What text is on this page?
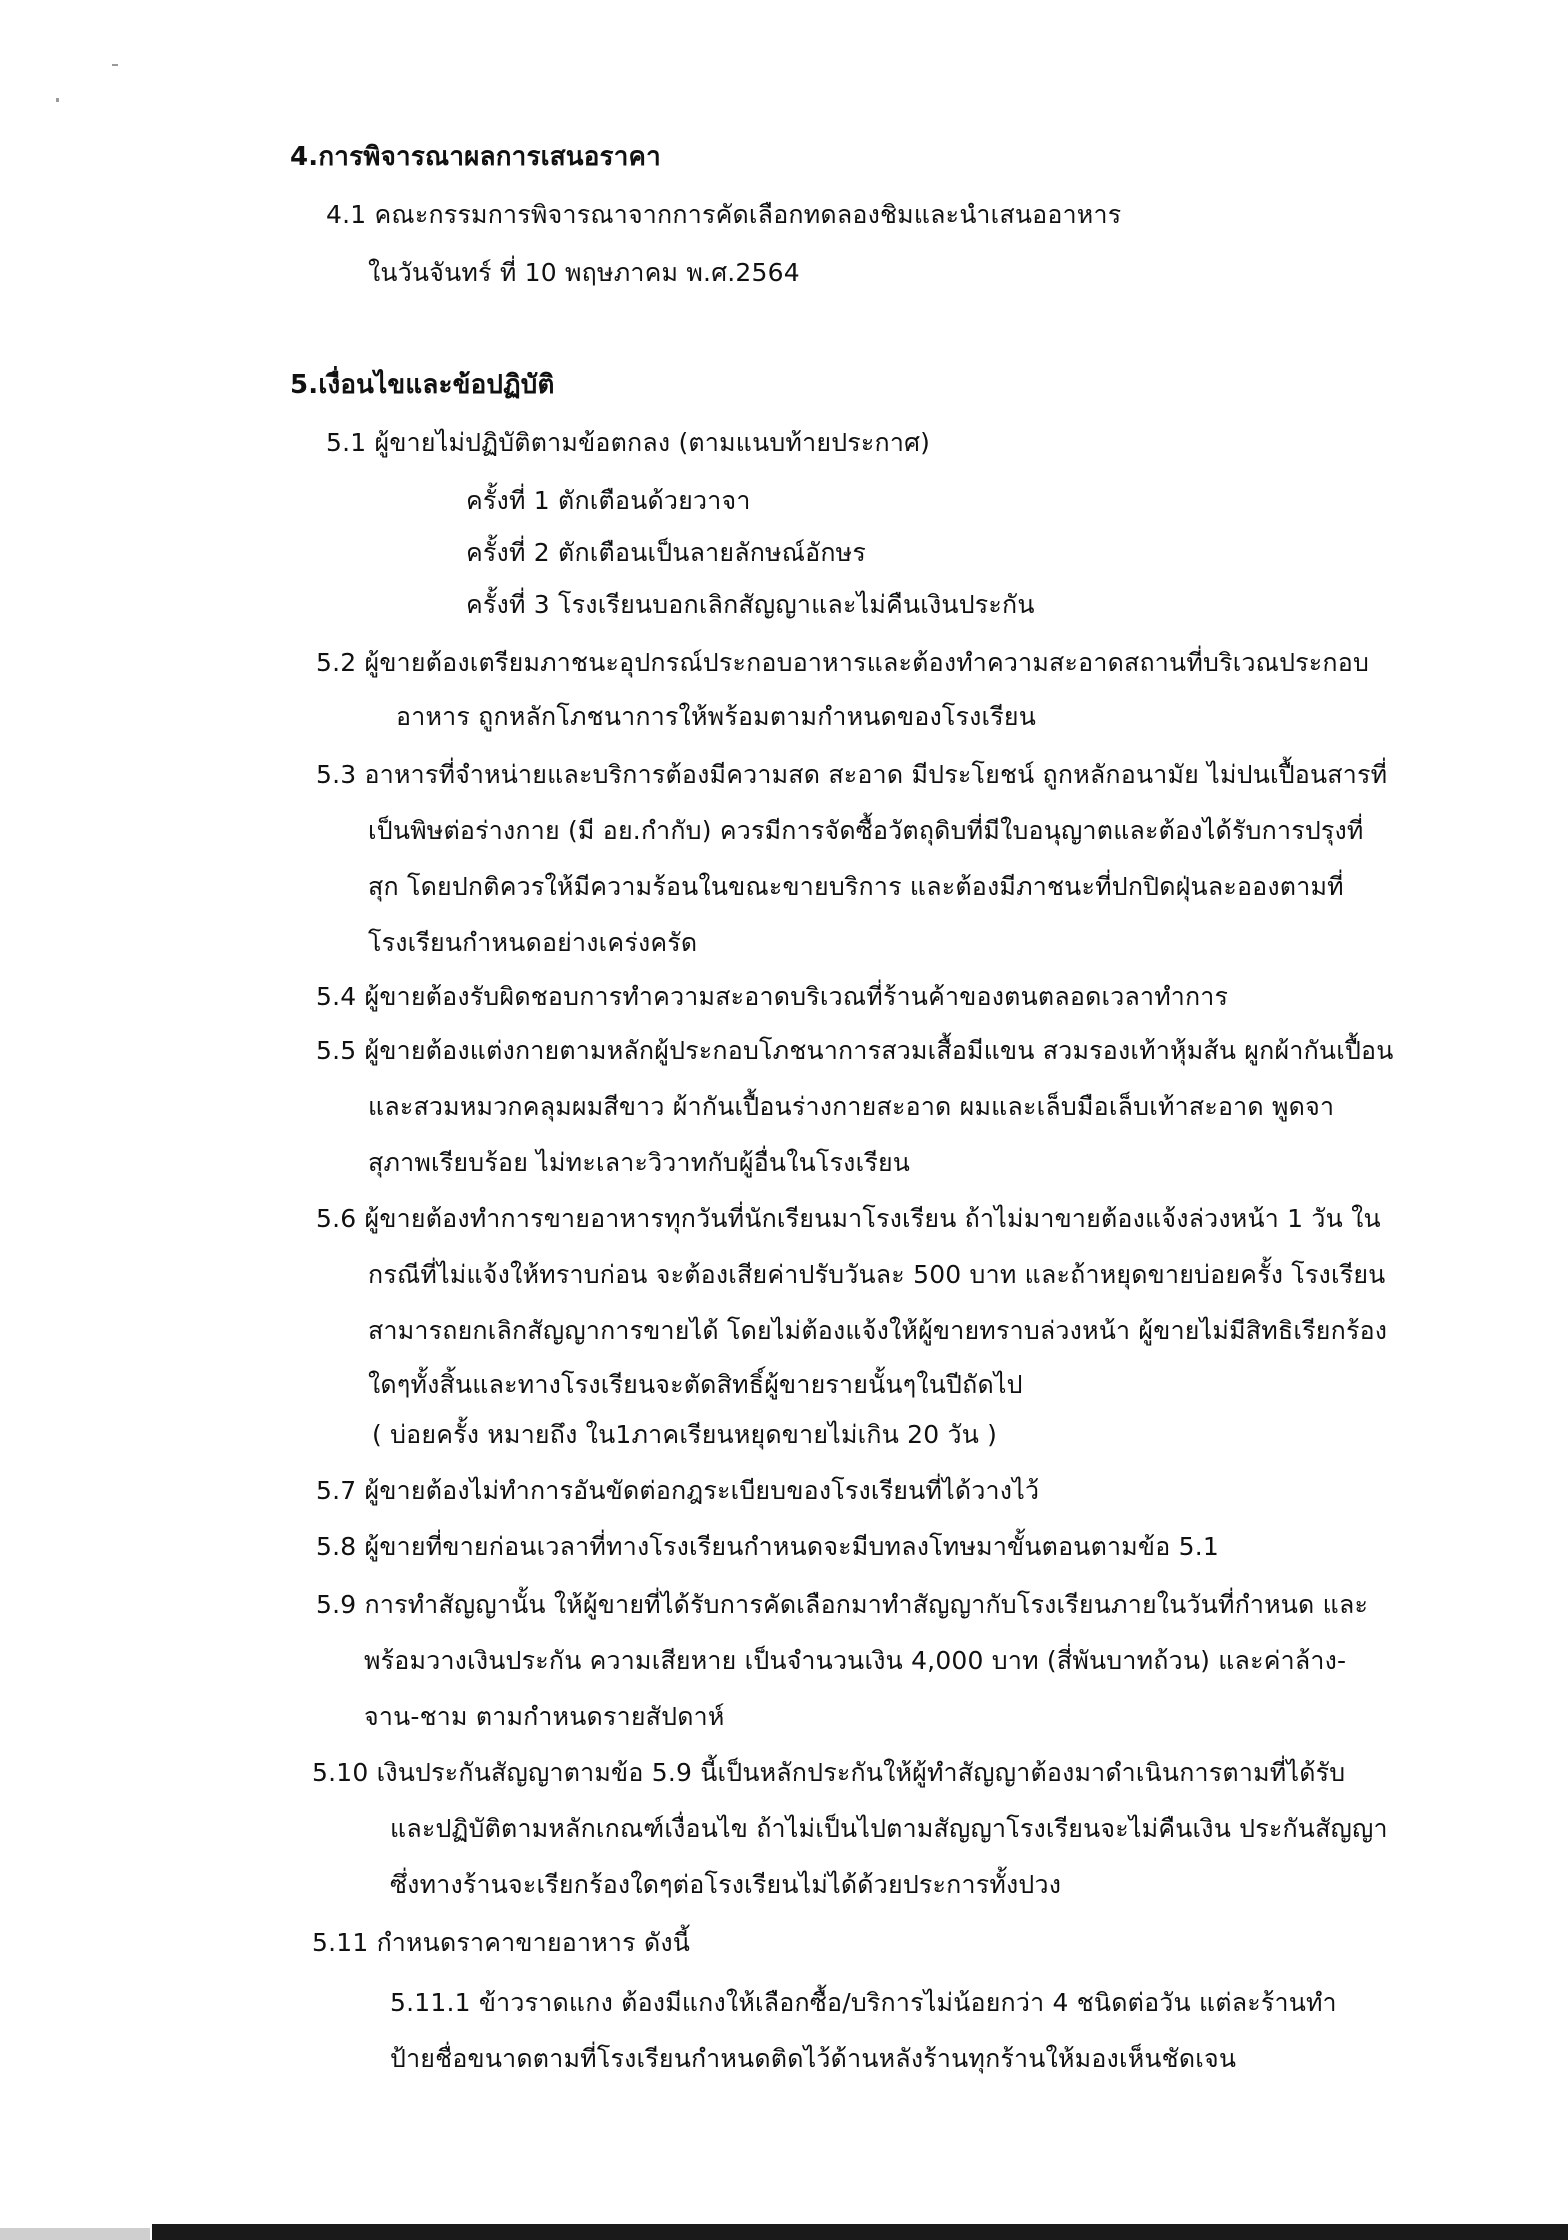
4.การพิจารณาผลการเสนอราคา
4.1 คณะกรรมการพิจารณาจากการคัดเลือกทดลองชิมและนำเสนออาหาร
ในวันจันทร์ ที่ 10 พฤษภาคม พ.ศ.2564
5.เงื่อนไขและข้อปฏิบัติ
5.1 ผู้ขายไม่ปฏิบัติตามข้อตกลง (ตามแนบท้ายประกาศ)
ครั้งที่ 1 ตักเตือนด้วยวาจา
ครั้งที่ 2 ตักเตือนเป็นลายลักษณ์อักษร
ครั้งที่ 3 โรงเรียนบอกเลิกสัญญาและไม่คืนเงินประกัน
5.2 ผู้ขายต้องเตรียมภาชนะอุปกรณ์ประกอบอาหารและต้องทำความสะอาดสถานที่บริเวณประกอบ
อาหาร ถูกหลักโภชนาการให้พร้อมตามกำหนดของโรงเรียน
5.3 อาหารที่จำหน่ายและบริการต้องมีความสด สะอาด มีประโยชน์ ถูกหลักอนามัย ไม่ปนเปื้อนสารที่
เป็นพิษต่อร่างกาย (มี อย.กำกับ) ควรมีการจัดซื้อวัตถุดิบที่มีใบอนุญาตและต้องได้รับการปรุงที่
สุก โดยปกติควรให้มีความร้อนในขณะขายบริการ และต้องมีภาชนะที่ปกปิดฝุ่นละอองตามที่
โรงเรียนกำหนดอย่างเคร่งครัด
5.4 ผู้ขายต้องรับผิดชอบการทำความสะอาดบริเวณที่ร้านค้าของตนตลอดเวลาทำการ
5.5 ผู้ขายต้องแต่งกายตามหลักผู้ประกอบโภชนาการสวมเสื้อมีแขน สวมรองเท้าหุ้มส้น ผูกผ้ากันเปื้อน
และสวมหมวกคลุมผมสีขาว ผ้ากันเปื้อนร่างกายสะอาด ผมและเล็บมือเล็บเท้าสะอาด พูดจา
สุภาพเรียบร้อย ไม่ทะเลาะวิวาทกับผู้อื่นในโรงเรียน
5.6 ผู้ขายต้องทำการขายอาหารทุกวันที่นักเรียนมาโรงเรียน ถ้าไม่มาขายต้องแจ้งล่วงหน้า 1 วัน ใน
กรณีที่ไม่แจ้งให้ทราบก่อน จะต้องเสียค่าปรับวันละ 500 บาท และถ้าหยุดขายบ่อยครั้ง โรงเรียน
สามารถยกเลิกสัญญาการขายได้ โดยไม่ต้องแจ้งให้ผู้ขายทราบล่วงหน้า ผู้ขายไม่มีสิทธิเรียกร้อง
ใดๆทั้งสิ้นและทางโรงเรียนจะตัดสิทธิ์ผู้ขายรายนั้นๆในปีถัดไป
( บ่อยครั้ง หมายถึง ใน1ภาคเรียนหยุดขายไม่เกิน 20 วัน )
5.7 ผู้ขายต้องไม่ทำการอันขัดต่อกฎระเบียบของโรงเรียนที่ได้วางไว้
5.8 ผู้ขายที่ขายก่อนเวลาที่ทางโรงเรียนกำหนดจะมีบทลงโทษมาขั้นตอนตามข้อ 5.1
5.9 การทำสัญญานั้น ให้ผู้ขายที่ได้รับการคัดเลือกมาทำสัญญากับโรงเรียนภายในวันที่กำหนด และ
พร้อมวางเงินประกัน ความเสียหาย เป็นจำนวนเงิน 4,000 บาท (สี่พันบาทถ้วน) และค่าล้าง-
จาน-ชาม ตามกำหนดรายสัปดาห์
5.10 เงินประกันสัญญาตามข้อ 5.9 นี้เป็นหลักประกันให้ผู้ทำสัญญาต้องมาดำเนินการตามที่ได้รับ
และปฏิบัติตามหลักเกณฑ์เงื่อนไข ถ้าไม่เป็นไปตามสัญญาโรงเรียนจะไม่คืนเงิน ประกันสัญญา
ซึ่งทางร้านจะเรียกร้องใดๆต่อโรงเรียนไม่ได้ด้วยประการทั้งปวง
5.11 กำหนดราคาขายอาหาร ดังนี้
5.11.1 ข้าวราดแกง ต้องมีแกงให้เลือกซื้อ/บริการไม่น้อยกว่า 4 ชนิดต่อวัน แต่ละร้านทำ
ป้ายชื่อขนาดตามที่โรงเรียนกำหนดติดไว้ด้านหลังร้านทุกร้านให้มองเห็นชัดเจน
